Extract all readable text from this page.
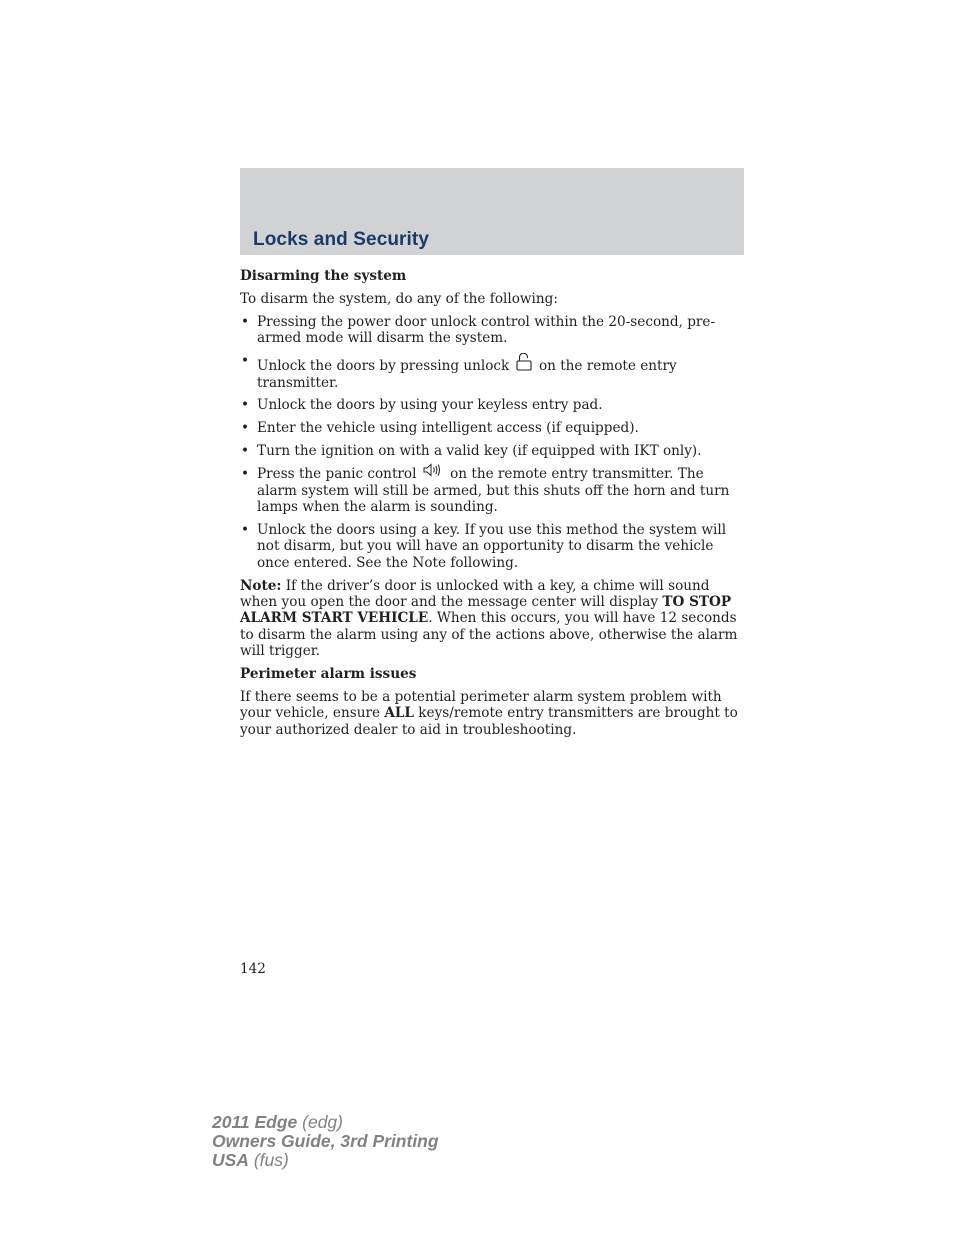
Locks and Security

Disarming the system

To disarm the system, do any of the following:

• Pressing the power door unlock control within the 20-second, pre-armed mode will disarm the system.
• Unlock the doors by pressing unlock on the remote entry transmitter.
• Unlock the doors by using your keyless entry pad.
• Enter the vehicle using intelligent access (if equipped).
• Turn the ignition on with a valid key (if equipped with IKT only).
• Press the panic control on the remote entry transmitter. The alarm system will still be armed, but this shuts off the horn and turn lamps when the alarm is sounding.
• Unlock the doors using a key. If you use this method the system will not disarm, but you will have an opportunity to disarm the vehicle once entered. See the Note following.

Note: If the driver’s door is unlocked with a key, a chime will sound when you open the door and the message center will display TO STOP ALARM START VEHICLE. When this occurs, you will have 12 seconds to disarm the alarm using any of the actions above, otherwise the alarm will trigger.

Perimeter alarm issues

If there seems to be a potential perimeter alarm system problem with your vehicle, ensure ALL keys/remote entry transmitters are brought to your authorized dealer to aid in troubleshooting.

142
2011 Edge (edg)
Owners Guide, 3rd Printing
USA (fus)
